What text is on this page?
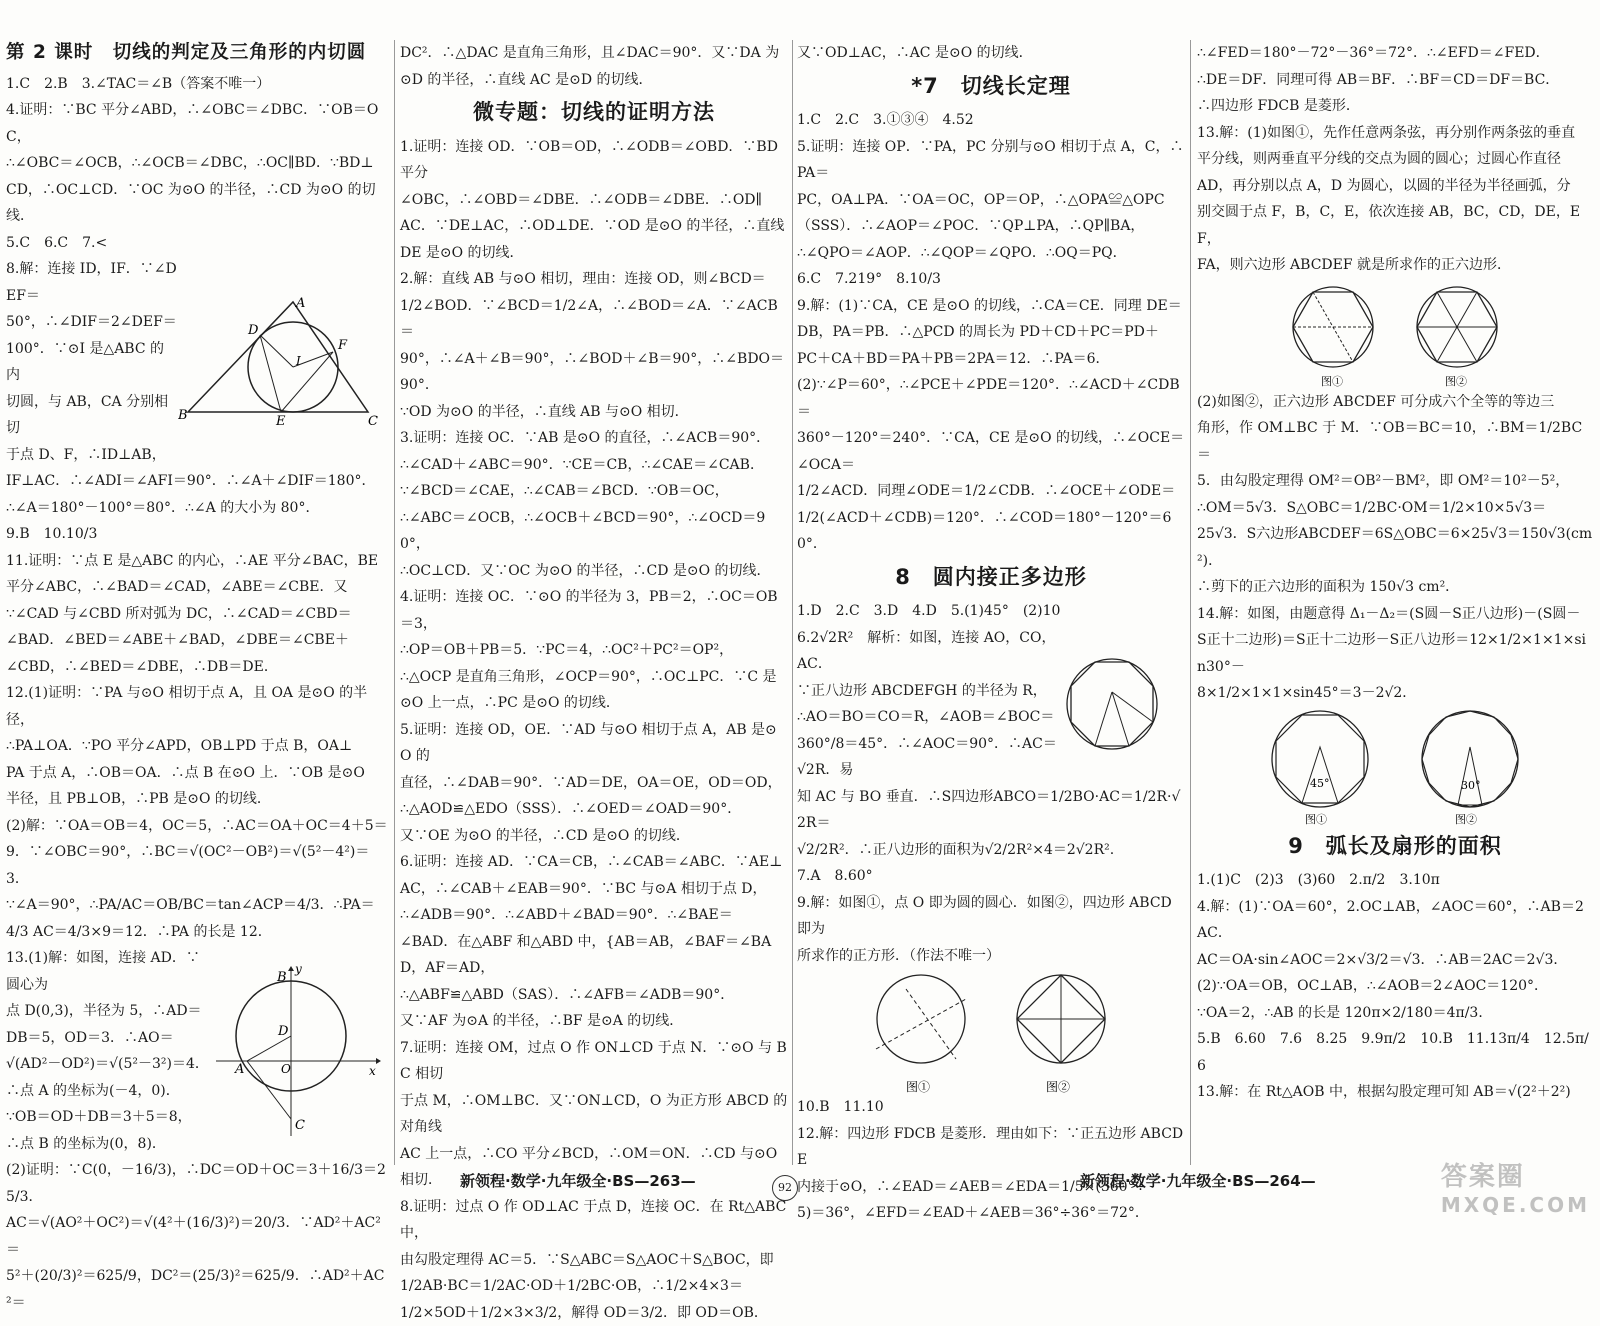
第 2 课时　切线的判定及三角形的内切圆

1.C　2.B　3.∠TAC＝∠B（答案不唯一）

4.证明：∵BC 平分∠ABD，∴∠OBC＝∠DBC．∵OB＝OC，

∴∠OBC＝∠OCB，∴∠OCB＝∠DBC，∴OC∥BD．∵BD⊥

CD，∴OC⊥CD．∵OC 为⊙O 的半径，∴CD 为⊙O 的切线．

5.C　6.C　7.<

8.解：连接 ID，IF．∵∠DEF＝

50°，∴∠DIF＝2∠DEF＝

100°．∵⊙I 是△ABC 的内

切圆，与 AB，CA 分别相切

于点 D、F，∴ID⊥AB，

A
B	C
D
E
F
I

IF⊥AC．∴∠ADI＝∠AFI＝90°．∴∠A＋∠DIF＝180°．

∴∠A＝180°－100°＝80°．∴∠A 的大小为 80°．

9.B　10.10/3

11.证明：∵点 E 是△ABC 的内心，∴AE 平分∠BAC，BE

平分∠ABC，∴∠BAD＝∠CAD，∠ABE＝∠CBE．又

∵∠CAD 与∠CBD 所对弧为 DC，∴∠CAD＝∠CBD＝

∠BAD．∠BED＝∠ABE＋∠BAD，∠DBE＝∠CBE＋

∠CBD，∴∠BED＝∠DBE，∴DB＝DE．

12.(1)证明：∵PA 与⊙O 相切于点 A，且 OA 是⊙O 的半径，

∴PA⊥OA．∵PO 平分∠APD，OB⊥PD 于点 B，OA⊥

PA 于点 A，∴OB＝OA．∴点 B 在⊙O 上．∵OB 是⊙O

半径，且 PB⊥OB，∴PB 是⊙O 的切线．

(2)解：∵OA＝OB＝4，OC＝5，∴AC＝OA＋OC＝4＋5＝

9．∵∠OBC＝90°，∴BC＝√(OC²－OB²)＝√(5²－4²)＝3．

∵∠A＝90°，∴PA/AC＝OB/BC＝tan∠ACP＝4/3．∴PA＝

4/3 AC＝4/3×9＝12．∴PA 的长是 12．

13.(1)解：如图，连接 AD．∵圆心为

点 D(0,3)，半径为 5，∴AD＝

DB＝5，OD＝3．∴AO＝

√(AD²－OD²)＝√(5²－3²)＝4．

∴点 A 的坐标为(－4，0)．

∵OB＝OD＋DB＝3＋5＝8，

∴点 B 的坐标为(0，8)．

B
y
D
A	O	x
C

(2)证明：∵C(0，－16/3)，∴DC＝OD＋OC＝3＋16/3＝25/3．

AC＝√(AO²＋OC²)＝√(4²＋(16/3)²)＝20/3．∵AD²＋AC²＝

5²＋(20/3)²＝625/9，DC²＝(25/3)²＝625/9．∴AD²＋AC²＝

DC²．∴△DAC 是直角三角形，且∠DAC＝90°．又∵DA 为

⊙D 的半径，∴直线 AC 是⊙D 的切线．

微专题：切线的证明方法

1.证明：连接 OD．∵OB＝OD，∴∠ODB＝∠OBD．∵BD 平分

∠OBC，∴∠OBD＝∠DBE．∴∠ODB＝∠DBE．∴OD∥

AC．∵DE⊥AC，∴OD⊥DE．∵OD 是⊙O 的半径，∴直线

DE 是⊙O 的切线．

2.解：直线 AB 与⊙O 相切，理由：连接 OD，则∠BCD＝

1/2∠BOD．∵∠BCD＝1/2∠A，∴∠BOD＝∠A．∵∠ACB＝

90°，∴∠A＋∠B＝90°，∴∠BOD＋∠B＝90°，∴∠BDO＝90°．

∵OD 为⊙O 的半径，∴直线 AB 与⊙O 相切．

3.证明：连接 OC．∵AB 是⊙O 的直径，∴∠ACB＝90°．

∴∠CAD＋∠ABC＝90°．∵CE＝CB，∴∠CAE＝∠CAB．

∵∠BCD＝∠CAE，∴∠CAB＝∠BCD．∵OB＝OC，

∴∠ABC＝∠OCB，∴∠OCB＋∠BCD＝90°，∴∠OCD＝90°，

∴OC⊥CD．又∵OC 为⊙O 的半径，∴CD 是⊙O 的切线．

4.证明：连接 OC．∵⊙O 的半径为 3，PB＝2，∴OC＝OB＝3，

∴OP＝OB＋PB＝5．∵PC＝4，∴OC²＋PC²＝OP²，

∴△OCP 是直角三角形，∠OCP＝90°，∴OC⊥PC．∵C 是

⊙O 上一点，∴PC 是⊙O 的切线．

5.证明：连接 OD，OE．∵AD 与⊙O 相切于点 A，AB 是⊙O 的

直径，∴∠DAB＝90°．∵AD＝DE，OA＝OE，OD＝OD，

∴△AOD≌△EDO（SSS）．∴∠OED＝∠OAD＝90°．

又∵OE 为⊙O 的半径，∴CD 是⊙O 的切线．

6.证明：连接 AD．∵CA＝CB，∴∠CAB＝∠ABC．∵AE⊥

AC，∴∠CAB＋∠EAB＝90°．∵BC 与⊙A 相切于点 D，

∴∠ADB＝90°．∴∠ABD＋∠BAD＝90°．∴∠BAE＝

∠BAD．在△ABF 和△ABD 中，{AB＝AB，∠BAF＝∠BAD，AF＝AD，

∴△ABF≌△ABD（SAS）．∴∠AFB＝∠ADB＝90°．

又∵AF 为⊙A 的半径，∴BF 是⊙A 的切线．

7.证明：连接 OM，过点 O 作 ON⊥CD 于点 N．∵⊙O 与 BC 相切

于点 M，∴OM⊥BC．又∵ON⊥CD，O 为正方形 ABCD 的对角线

AC 上一点，∴CO 平分∠BCD，∴OM＝ON．∴CD 与⊙O 相切．

8.证明：过点 O 作 OD⊥AC 于点 D，连接 OC．在 Rt△ABC 中，

由勾股定理得 AC＝5．∵S△ABC＝S△AOC＋S△BOC，即

1/2AB·BC＝1/2AC·OD＋1/2BC·OB，∴1/2×4×3＝

1/2×5OD＋1/2×3×3/2，解得 OD＝3/2．即 OD＝OB．

又∵OD⊥AC，∴AC 是⊙O 的切线．

*7　切线长定理

1.C　2.C　3.①③④　4.52

5.证明：连接 OP．∵PA，PC 分别与⊙O 相切于点 A，C，∴PA＝

PC，OA⊥PA．∵OA＝OC，OP＝OP，∴△OPA≌△OPC

（SSS）．∴∠AOP＝∠POC．∵QP⊥PA，∴QP∥BA，

∴∠QPO＝∠AOP．∴∠QOP＝∠QPO．∴OQ＝PQ．

6.C　7.219°　8.10/3

9.解：(1)∵CA，CE 是⊙O 的切线，∴CA＝CE．同理 DE＝

DB，PA＝PB．∴△PCD 的周长为 PD＋CD＋PC＝PD＋

PC＋CA＋BD＝PA＋PB＝2PA＝12．∴PA＝6．

(2)∵∠P＝60°，∴∠PCE＋∠PDE＝120°．∴∠ACD＋∠CDB＝

360°－120°＝240°．∵CA，CE 是⊙O 的切线，∴∠OCE＝∠OCA＝

1/2∠ACD．同理∠ODE＝1/2∠CDB．∴∠OCE＋∠ODE＝

1/2(∠ACD＋∠CDB)＝120°．∴∠COD＝180°－120°＝60°．

8　圆内接正多边形

1.D　2.C　3.D　4.D　5.(1)45°　(2)10

6.2√2R²　解析：如图，连接 AO，CO，AC．

∵正八边形 ABCDEFGH 的半径为 R，

∴AO＝BO＝CO＝R，∠AOB＝∠BOC＝

360°/8＝45°．∴∠AOC＝90°．∴AC＝√2R．易

知 AC 与 BO 垂直．∴S四边形ABCO＝1/2BO·AC＝1/2R·√2R＝

√2/2R²．∴正八边形的面积为√2/2R²×4＝2√2R².

7.A　8.60°

9.解：如图①，点 O 即为圆的圆心．如图②，四边形 ABCD 即为

所求作的正方形．（作法不唯一）

图①	图②

10.B　11.10

12.解：四边形 FDCB 是菱形．理由如下：∵正五边形 ABCDE

内接于⊙O，∴∠EAD＝∠AEB＝∠EDA＝1/5×(360°÷

5)＝36°，∠EFD＝∠EAD＋∠AEB＝36°÷36°＝72°．

∴∠FED＝180°－72°－36°＝72°．∴∠EFD＝∠FED．

∴DE＝DF．同理可得 AB＝BF．∴BF＝CD＝DF＝BC．

∴四边形 FDCB 是菱形．

13.解：(1)如图①，先作任意两条弦，再分别作两条弦的垂直

平分线，则两垂直平分线的交点为圆的圆心；过圆心作直径

AD，再分别以点 A，D 为圆心，以圆的半径为半径画弧，分

别交圆于点 F，B，C，E，依次连接 AB，BC，CD，DE，EF，

FA，则六边形 ABCDEF 就是所求作的正六边形．

图①	图②

(2)如图②，正六边形 ABCDEF 可分成六个全等的等边三

角形，作 OM⊥BC 于 M．∵OB＝BC＝10，∴BM＝1/2BC＝

5．由勾股定理得 OM²＝OB²－BM²，即 OM²＝10²－5²，

∴OM＝5√3．S△OBC＝1/2BC·OM＝1/2×10×5√3＝

25√3．S六边形ABCDEF＝6S△OBC＝6×25√3＝150√3(cm²)．

∴剪下的正六边形的面积为 150√3 cm²．

14.解：如图，由题意得 Δ₁－Δ₂＝(S圆－S正八边形)－(S圆－

S正十二边形)＝S正十二边形－S正八边形＝12×1/2×1×1×sin30°－

8×1/2×1×1×sin45°＝3－2√2．

45°
图①
30°
图②
9　弧长及扇形的面积

1.(1)C　(2)3　(3)60　2.π/2　3.10π

4.解：(1)∵OA＝60°，2.OC⊥AB，∠AOC＝60°，∴AB＝2AC．

AC＝OA·sin∠AOC＝2×√3/2＝√3．∴AB＝2AC＝2√3．

(2)∵OA＝OB，OC⊥AB，∴∠AOB＝2∠AOC＝120°．

∵OA＝2，∴AB 的长是 120π×2/180＝4π/3．

5.B　6.60　7.6　8.25　9.9π/2　10.B　11.13π/4　12.5π/6

13.解：在 Rt△AOB 中，根据勾股定理可知 AB＝√(2²＋2²)

新领程·数学·九年级全·BS—263—	92	新领程·数学·九年级全·BS—264—	答案圈
MXQE.COM
